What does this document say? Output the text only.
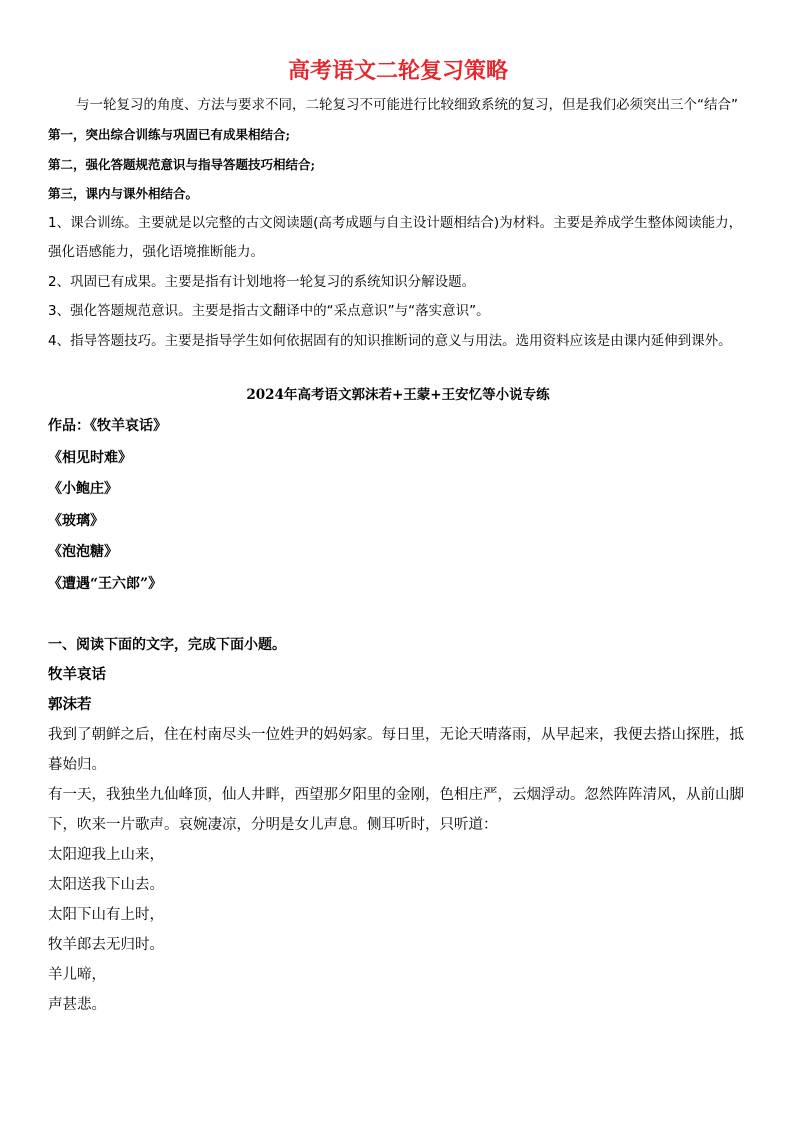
高考语文二轮复习策略

与一轮复习的角度、方法与要求不同，二轮复习不可能进行比较细致系统的复习，但是我们必须突出三个“结合”

第一，突出综合训练与巩固已有成果相结合;

第二，强化答题规范意识与指导答题技巧相结合;

第三，课内与课外相结合。

1、课合训练。主要就是以完整的古文阅读题(高考成题与自主设计题相结合)为材料。主要是养成学生整体阅读能力，强化语感能力，强化语境推断能力。

2、巩固已有成果。主要是指有计划地将一轮复习的系统知识分解设题。

3、强化答题规范意识。主要是指古文翻译中的“采点意识”与“落实意识”。

4、指导答题技巧。主要是指导学生如何依据固有的知识推断词的意义与用法。选用资料应该是由课内延伸到课外。

2024年高考语文郭沫若+王蒙+王安忆等小说专练

作品：《牧羊哀话》

《相见时难》

《小鲍庄》

《玻璃》

《泡泡糖》

《遭遇“王六郎”》

一、阅读下面的文字，完成下面小题。

牧羊哀话

郭沫若

我到了朝鲜之后，住在村南尽头一位姓尹的妈妈家。每日里，无论天晴落雨，从早起来，我便去搭山探胜，抵暮始归。

有一天，我独坐九仙峰顶，仙人井畔，西望那夕阳里的金刚，色相庄严，云烟浮动。忽然阵阵清风，从前山脚下，吹来一片歌声。哀婉凄凉，分明是女儿声息。侧耳听时，只听道：

太阳迎我上山来，

太阳送我下山去。

太阳下山有上时，

牧羊郎去无归时。

羊儿啼，

声甚悲。
